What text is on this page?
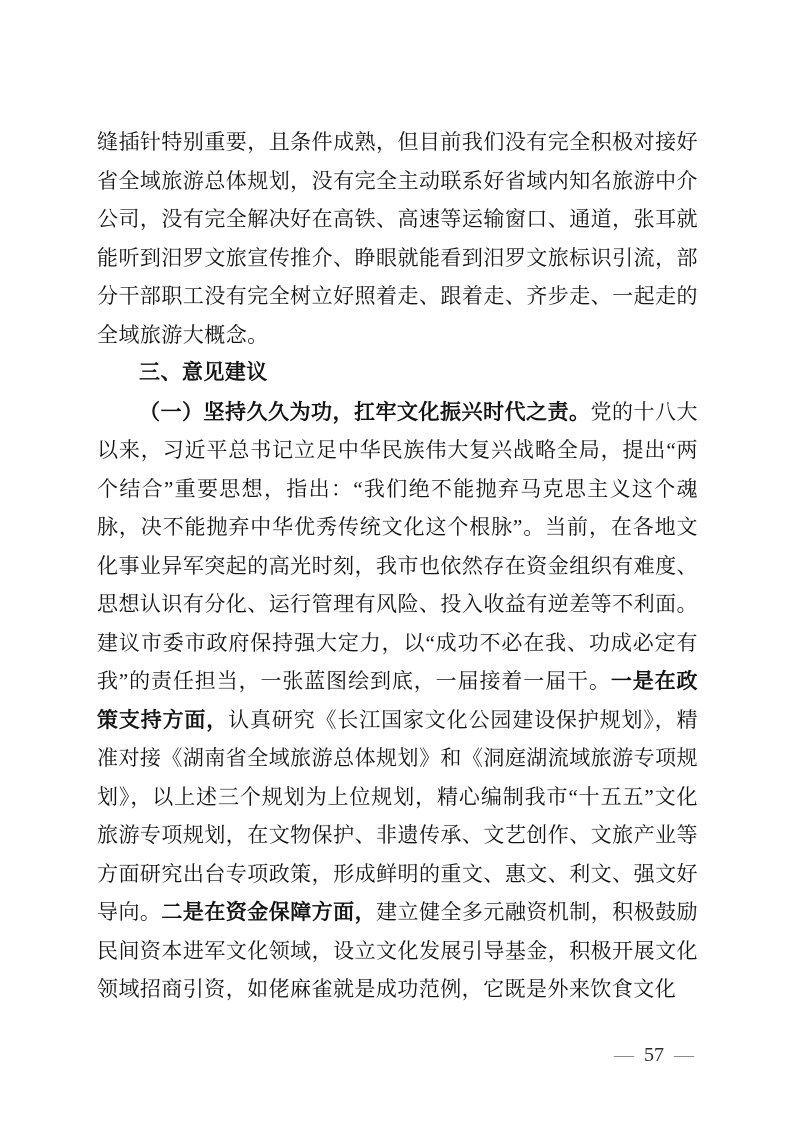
缝插针特别重要，且条件成熟，但目前我们没有完全积极对接好省全域旅游总体规划，没有完全主动联系好省域内知名旅游中介公司，没有完全解决好在高铁、高速等运输窗口、通道，张耳就能听到汨罗文旅宣传推介、睁眼就能看到汨罗文旅标识引流，部分干部职工没有完全树立好照着走、跟着走、齐步走、一起走的全域旅游大概念。

三、意见建议

（一）坚持久久为功，扛牢文化振兴时代之责。党的十八大以来，习近平总书记立足中华民族伟大复兴战略全局，提出“两个结合”重要思想，指出：“我们绝不能抛弃马克思主义这个魂脉，决不能抛弃中华优秀传统文化这个根脉”。当前，在各地文化事业异军突起的高光时刻，我市也依然存在资金组织有难度、思想认识有分化、运行管理有风险、投入收益有逆差等不利面。建议市委市政府保持强大定力，以“成功不必在我、功成必定有我”的责任担当，一张蓝图绘到底，一届接着一届干。一是在政策支持方面，认真研究《长江国家文化公园建设保护规划》，精准对接《湖南省全域旅游总体规划》和《洞庭湖流域旅游专项规划》，以上述三个规划为上位规划，精心编制我市“十五五”文化旅游专项规划，在文物保护、非遗传承、文艺创作、文旅产业等方面研究出台专项政策，形成鲜明的重文、惠文、利文、强文好导向。二是在资金保障方面，建立健全多元融资机制，积极鼓励民间资本进军文化领域，设立文化发展引导基金，积极开展文化领域招商引资，如佬麻雀就是成功范例，它既是外来饮食文化

— 57 —
